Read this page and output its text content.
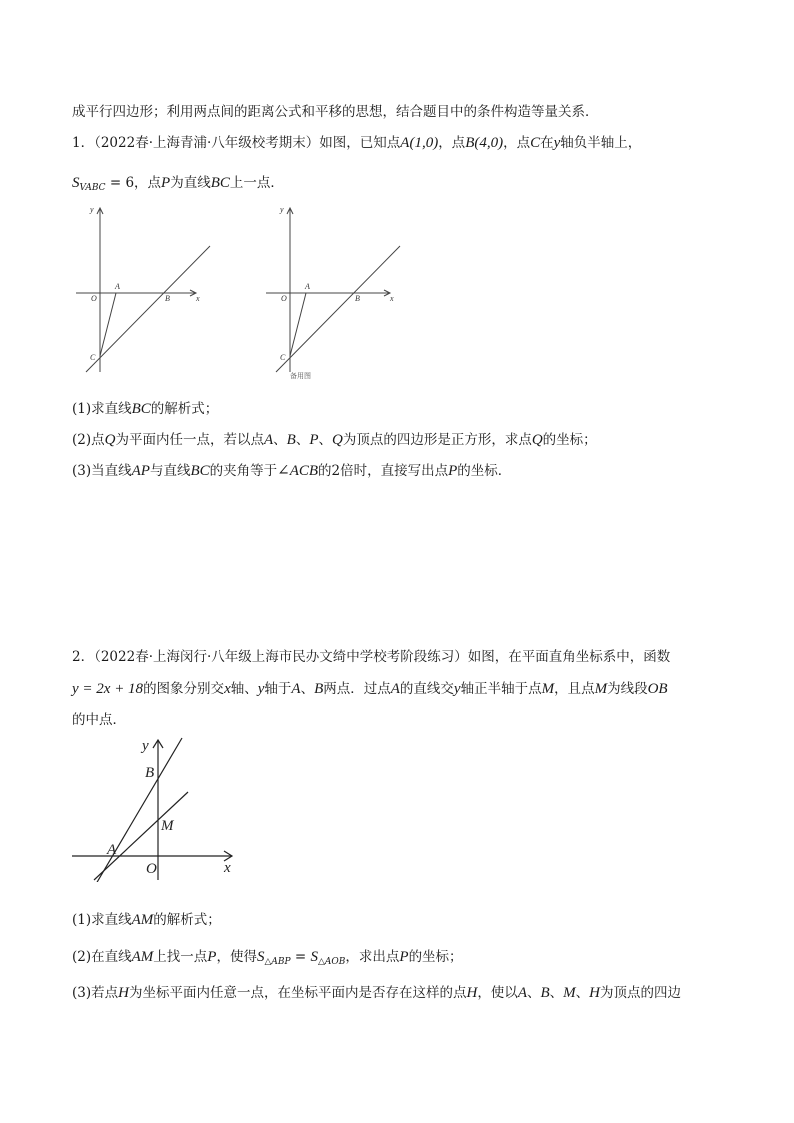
成平行四边形；利用两点间的距离公式和平移的思想，结合题目中的条件构造等量关系．
1．（2022春·上海青浦·八年级校考期末）如图，已知点A(1,0)，点B(4,0)，点C在y轴负半轴上，
$S_{VABC} = 6$，点P为直线BC上一点．
y
x
O
A
B
C
y
x
O
A
B
C
备用图
(1)求直线BC的解析式；
(2)点Q为平面内任一点，若以点A、B、P、Q为顶点的四边形是正方形，求点Q的坐标；
(3)当直线AP与直线BC的夹角等于∠ACB的2倍时，直接写出点P的坐标．
2．（2022春·上海闵行·八年级上海市民办文绮中学校考阶段练习）如图，在平面直角坐标系中，函数
y = 2x + 18的图象分别交x轴、y轴于A、B两点．过点A的直线交y轴正半轴于点M，且点M为线段OB
的中点．
y
x
O
A
B
M
(1)求直线AM的解析式；
(2)在直线AM上找一点P，使得$S_{\triangle ABP} = S_{\triangle AOB}$，求出点P的坐标；
(3)若点H为坐标平面内任意一点，在坐标平面内是否存在这样的点H，使以A、B、M、H为顶点的四边
